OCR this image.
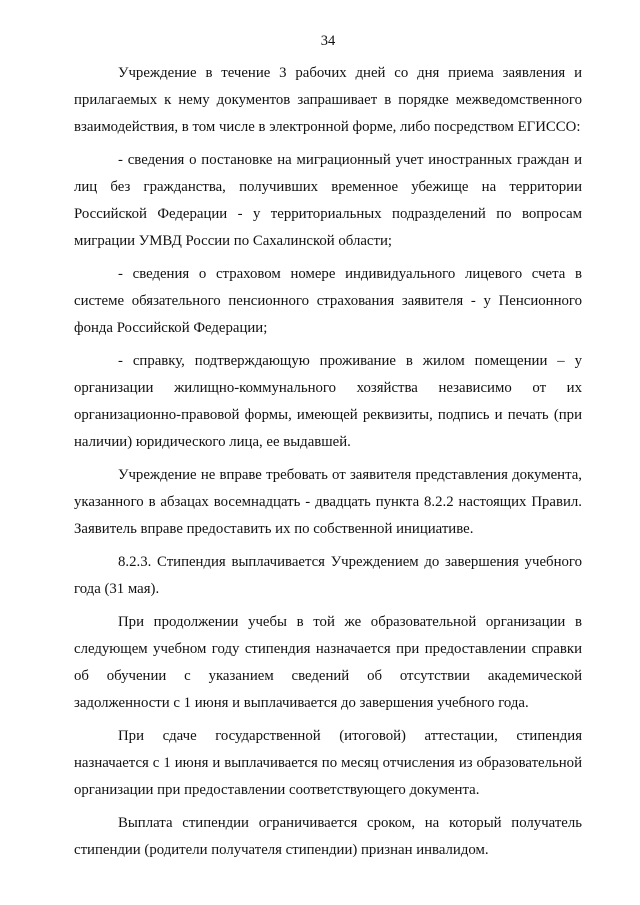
34

Учреждение в течение 3 рабочих дней со дня приема заявления и прилагаемых к нему документов запрашивает в порядке межведомственного взаимодействия, в том числе в электронной форме, либо посредством ЕГИССО:

- сведения о постановке на миграционный учет иностранных граждан и лиц без гражданства, получивших временное убежище на территории Российской Федерации - у территориальных подразделений по вопросам миграции УМВД России по Сахалинской области;

- сведения о страховом номере индивидуального лицевого счета в системе обязательного пенсионного страхования заявителя - у Пенсионного фонда Российской Федерации;

- справку, подтверждающую проживание в жилом помещении – у организации жилищно-коммунального хозяйства независимо от их организационно-правовой формы, имеющей реквизиты, подпись и печать (при наличии) юридического лица, ее выдавшей.

Учреждение не вправе требовать от заявителя представления документа, указанного в абзацах восемнадцать - двадцать пункта 8.2.2 настоящих Правил. Заявитель вправе предоставить их по собственной инициативе.

8.2.3. Стипендия выплачивается Учреждением до завершения учебного года (31 мая).

При продолжении учебы в той же образовательной организации в следующем учебном году стипендия назначается при предоставлении справки об обучении с указанием сведений об отсутствии академической задолженности с 1 июня и выплачивается до завершения учебного года.

При сдаче государственной (итоговой) аттестации, стипендия назначается с 1 июня и выплачивается по месяц отчисления из образовательной организации при предоставлении соответствующего документа.

Выплата стипендии ограничивается сроком, на который получатель стипендии (родители получателя стипендии) признан инвалидом.
